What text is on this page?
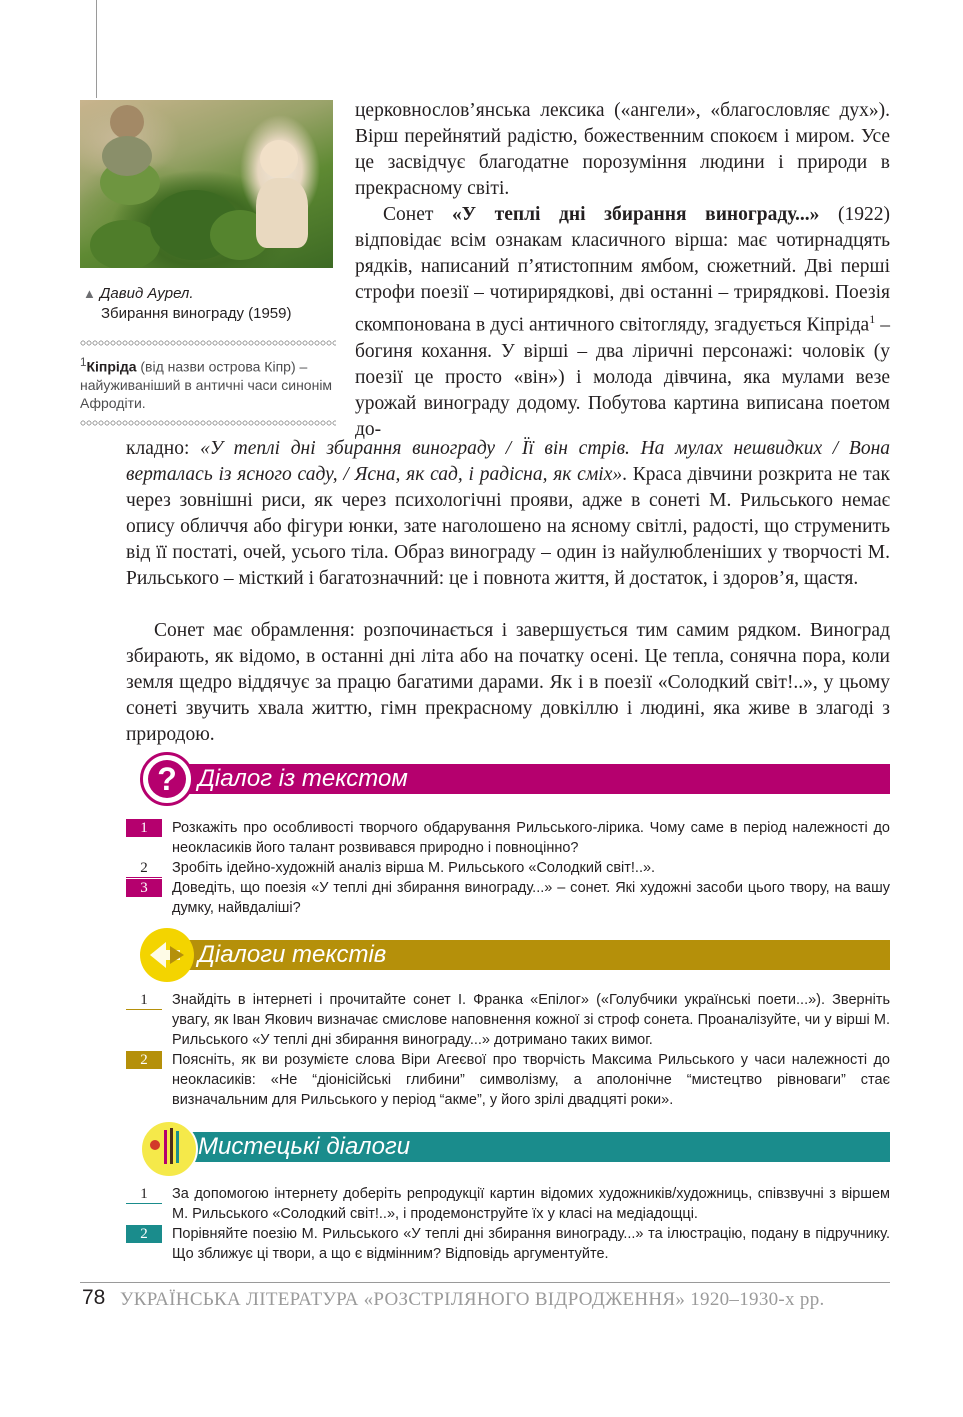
▲ Давид Аурел.
Збирання винограду (1959)
$^1$Кіпріда (від назви острова Кіпр) – найуживаніший в античні часи синонім Афродіти.
церковнослов’янська лексика («ангели», «благословляє дух»). Вірш перейнятий радістю, божественним спокоєм і миром. Усе це засвідчує благодатне порозуміння людини і природи в прекрасному світі.
Сонет «У теплі дні збирання винограду...» (1922) відповідає всім ознакам класичного вірша: має чотирнадцять рядків, написаний п’ятистопним ямбом, сюжетний. Дві перші строфи поезії – чотирирядкові, дві останні – трирядкові. Поезія скомпонована в дусі античного світогляду, згадується Кіпріда$^1$ – богиня кохання. У вірші – два ліричні персонажі: чоловік (у поезії це просто «він») і молода дівчина, яка мулами везе урожай винограду додому. Побутова картина виписана поетом до-
кладно: «У теплі дні збирання винограду / Її він стрів. На мулах нешвидких / Вона верталась із ясного саду, / Ясна, як сад, і радісна, як сміх». Краса дівчини розкрита не так через зовнішні риси, як через психологічні прояви, адже в сонеті М. Рильського немає опису обличчя або фігури юнки, зате наголошено на ясному світлі, радості, що струменить від її постаті, очей, усього тіла. Образ винограду – один із найулюбленіших у творчості М. Рильського – місткий і багатозначний: це і повнота життя, й достаток, і здоров’я, щастя.
Сонет має обрамлення: розпочинається і завершується тим самим рядком. Виноград збирають, як відомо, в останні дні літа або на початку осені. Це тепла, сонячна пора, коли земля щедро віддячує за працю багатими дарами. Як і в поезії «Солодкий світ!..», у цьому сонеті звучить хвала життю, гімн прекрасному довкіллю і людині, яка живе в злагоді з природою.
? Діалог із текстом
1	Розкажіть про особливості творчого обдарування Рильського-лірика. Чому саме в період належності до неокласиків його талант розвивався природно і повноцінно?
2	Зробіть ідейно-художній аналіз вірша М. Рильського «Солодкий світ!..».
3	Доведіть, що поезія «У теплі дні збирання винограду...» – сонет. Які художні засоби цього твору, на вашу думку, найвдаліші?
Діалоги текстів
1	Знайдіть в інтернеті і прочитайте сонет І. Франка «Епілог» («Голубчики українські поети...»). Зверніть увагу, як Іван Якович визначає смислове наповнення кожної зі строф сонета. Проаналізуйте, чи у вірші М. Рильського «У теплі дні збирання винограду...» дотримано таких вимог.
2	Поясніть, як ви розумієте слова Віри Агеєвої про творчість Максима Рильського у часи належності до неокласиків: «Не “діонісійські глибини” символізму, а аполонічне “мистецтво рівноваги” стає визначальним для Рильського у період “акме”, у його зрілі двадцяті роки».
Мистецькі діалоги
1	За допомогою інтернету доберіть репродукції картин відомих художників/художниць, співзвучні з віршем М. Рильського «Солодкий світ!..», і продемонструйте їх у класі на медіадощці.
2	Порівняйте поезію М. Рильського «У теплі дні збирання винограду...» та ілюстрацію, подану в підручнику. Що зближує ці твори, а що є відмінним? Відповідь аргументуйте.
78 УКРАЇНСЬКА ЛІТЕРАТУРА «РОЗСТРІЛЯНОГО ВІДРОДЖЕННЯ» 1920–1930-х рр.
